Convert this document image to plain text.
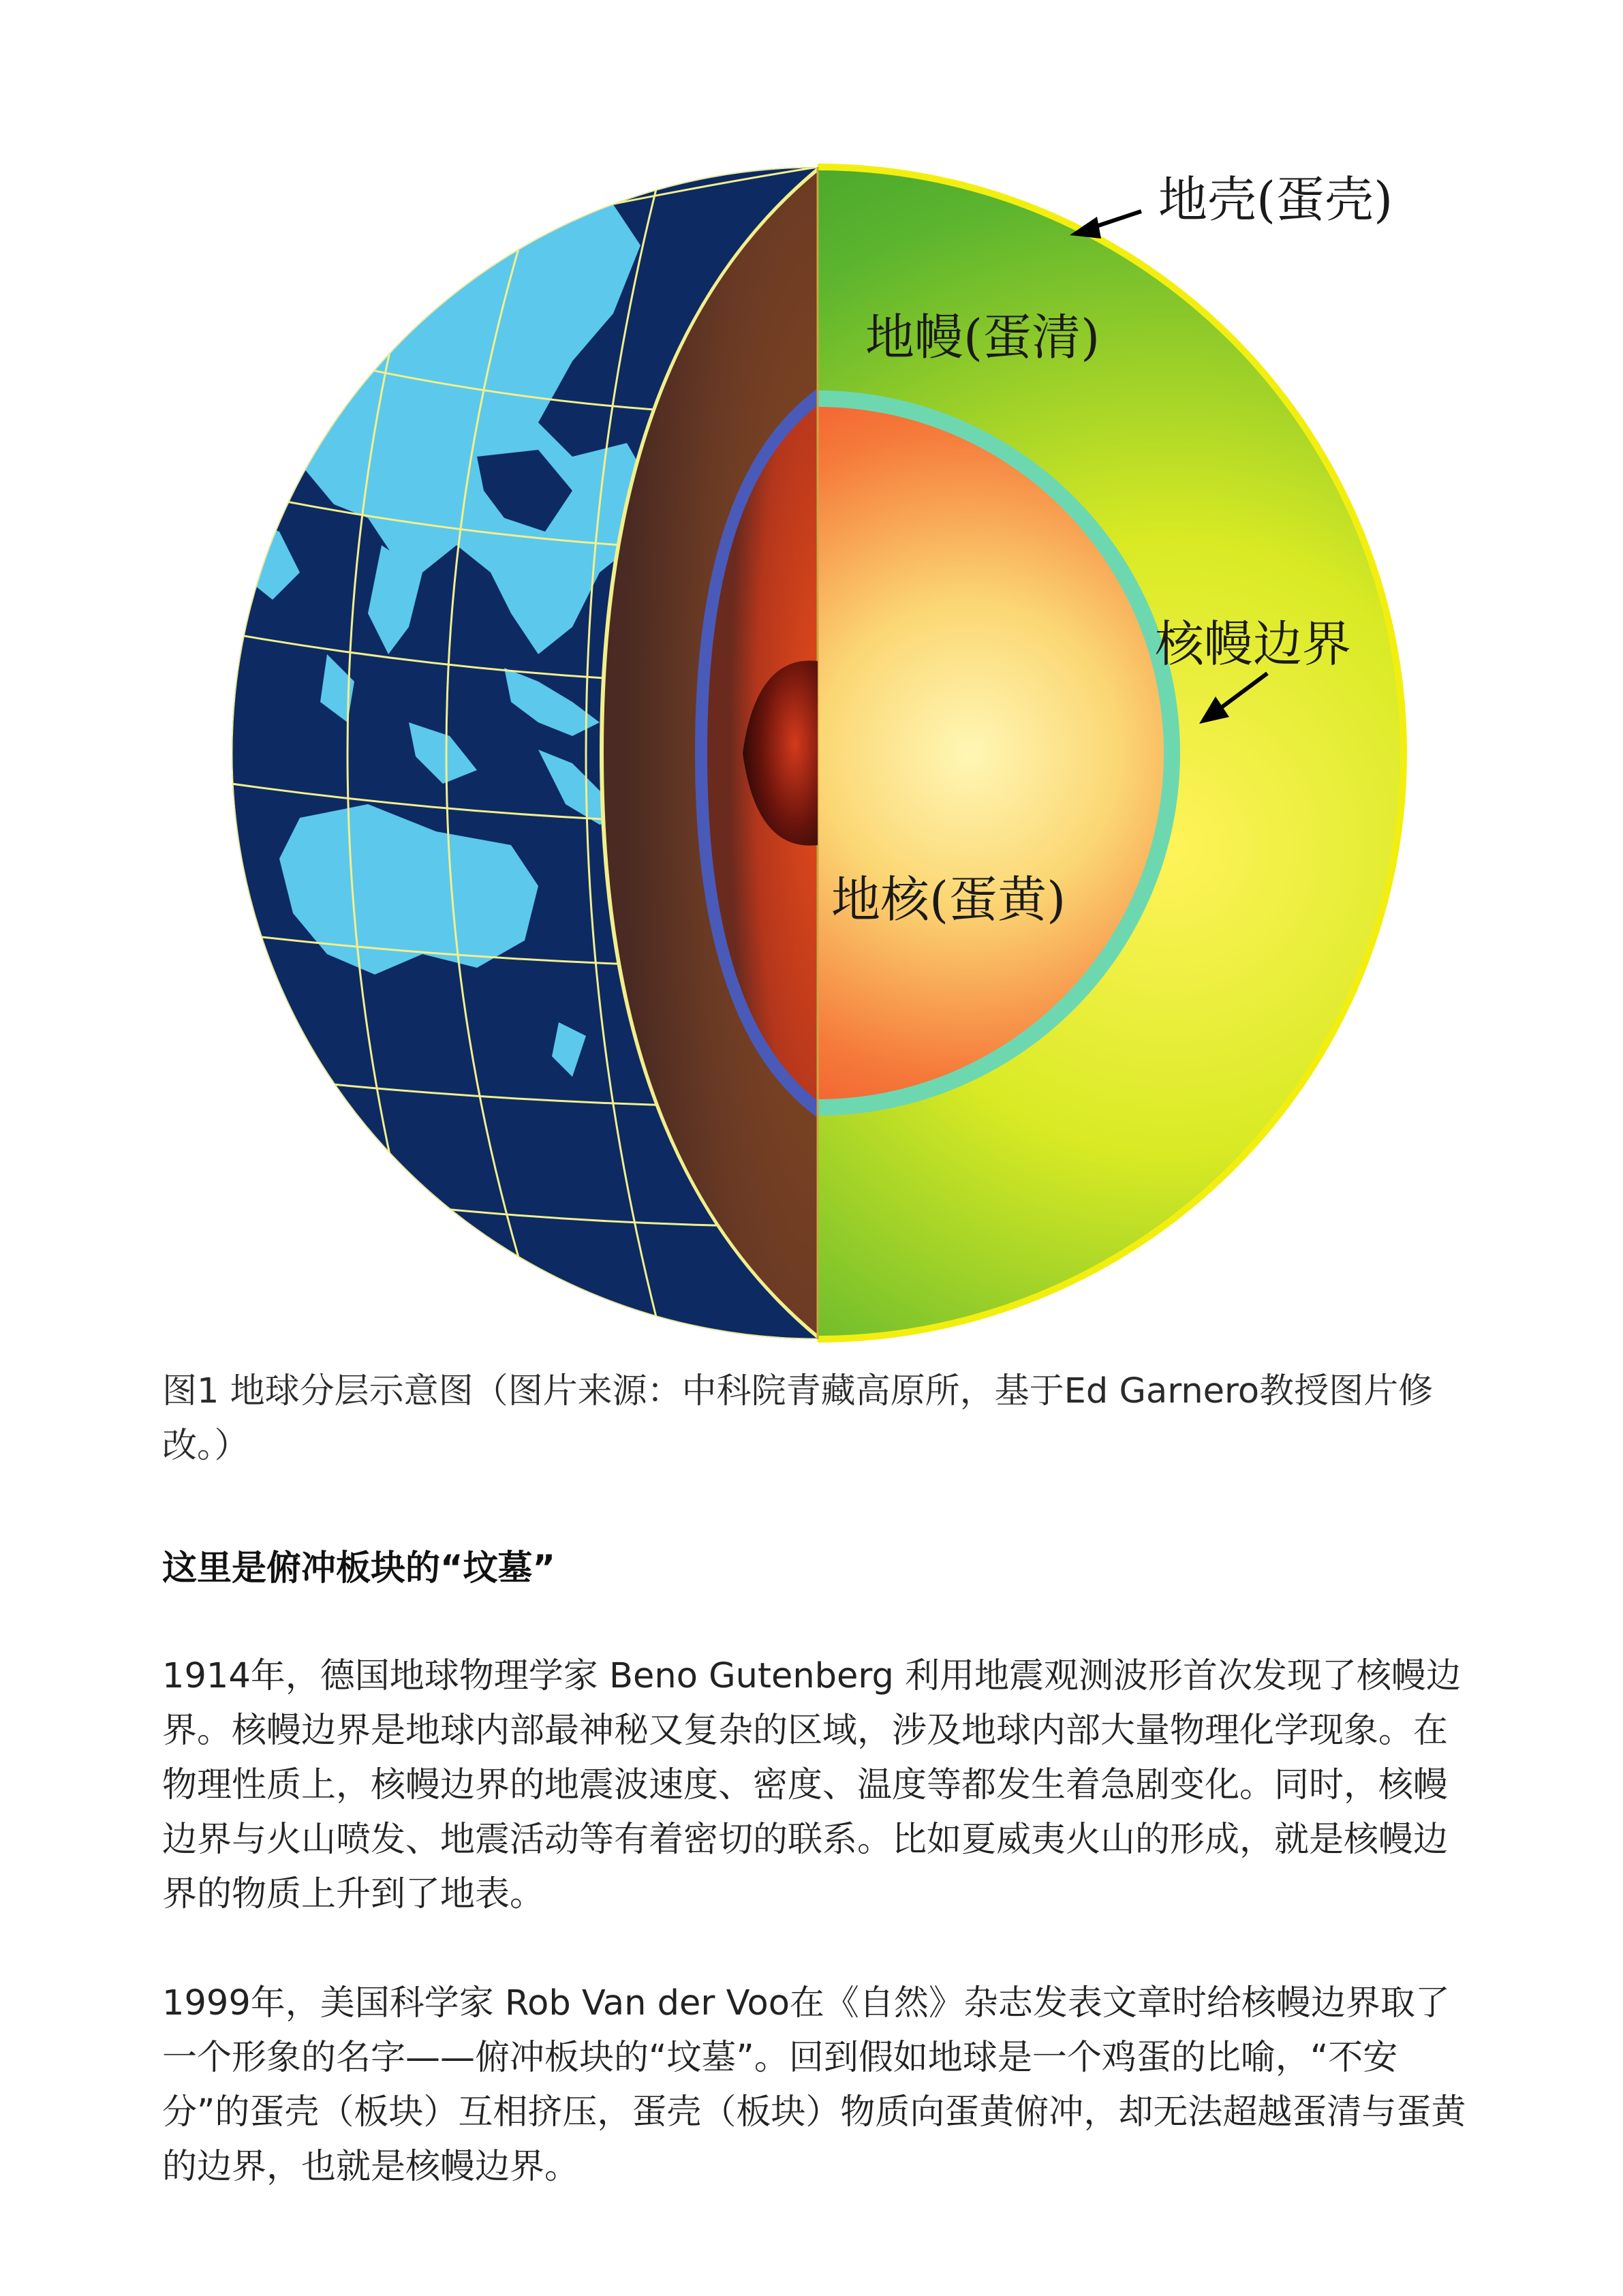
地壳(蛋壳)
地幔(蛋清)
核幔边界
地核(蛋黄)
图1 地球分层示意图（图片来源：中科院青藏高原所，基于Ed Garnero教授图片修改。）
这里是俯冲板块的“坟墓”

1914年，德国地球物理学家 Beno Gutenberg 利用地震观测波形首次发现了核幔边界。核幔边界是地球内部最神秘又复杂的区域，涉及地球内部大量物理化学现象。在物理性质上，核幔边界的地震波速度、密度、温度等都发生着急剧变化。同时，核幔边界与火山喷发、地震活动等有着密切的联系。比如夏威夷火山的形成，就是核幔边界的物质上升到了地表。

1999年，美国科学家 Rob Van der Voo在《自然》杂志发表文章时给核幔边界取了一个形象的名字——俯冲板块的“坟墓”。回到假如地球是一个鸡蛋的比喻，“不安分”的蛋壳（板块）互相挤压，蛋壳（板块）物质向蛋黄俯冲，却无法超越蛋清与蛋黄的边界，也就是核幔边界。
